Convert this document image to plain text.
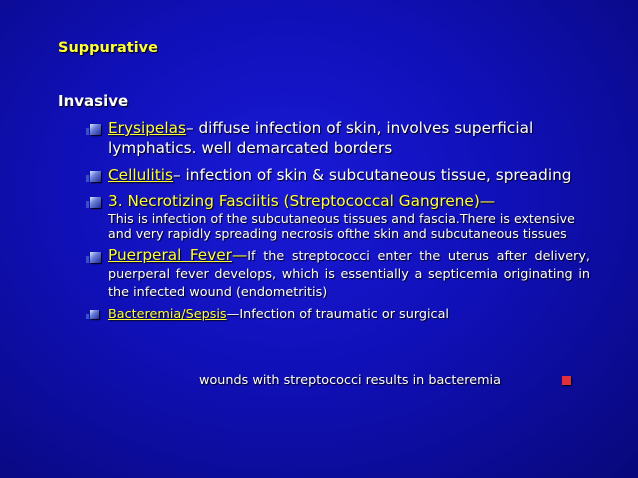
Suppurative
Invasive
Erysipelas– diffuse infection of skin, involves superficial lymphatics. well demarcated borders
Cellulitis– infection of skin & subcutaneous tissue, spreading
3. Necrotizing Fasciitis (Streptococcal Gangrene)—
This is infection of the subcutaneous tissues and fascia.There is extensive and very rapidly spreading necrosis ofthe skin and subcutaneous tissues
Puerperal Fever—If the streptococci enter the uterus after delivery, puerperal fever develops, which is essentially a septicemia originating in the infected wound (endometritis)
Bacteremia/Sepsis—Infection of traumatic or surgical
wounds with streptococci results in bacteremia
